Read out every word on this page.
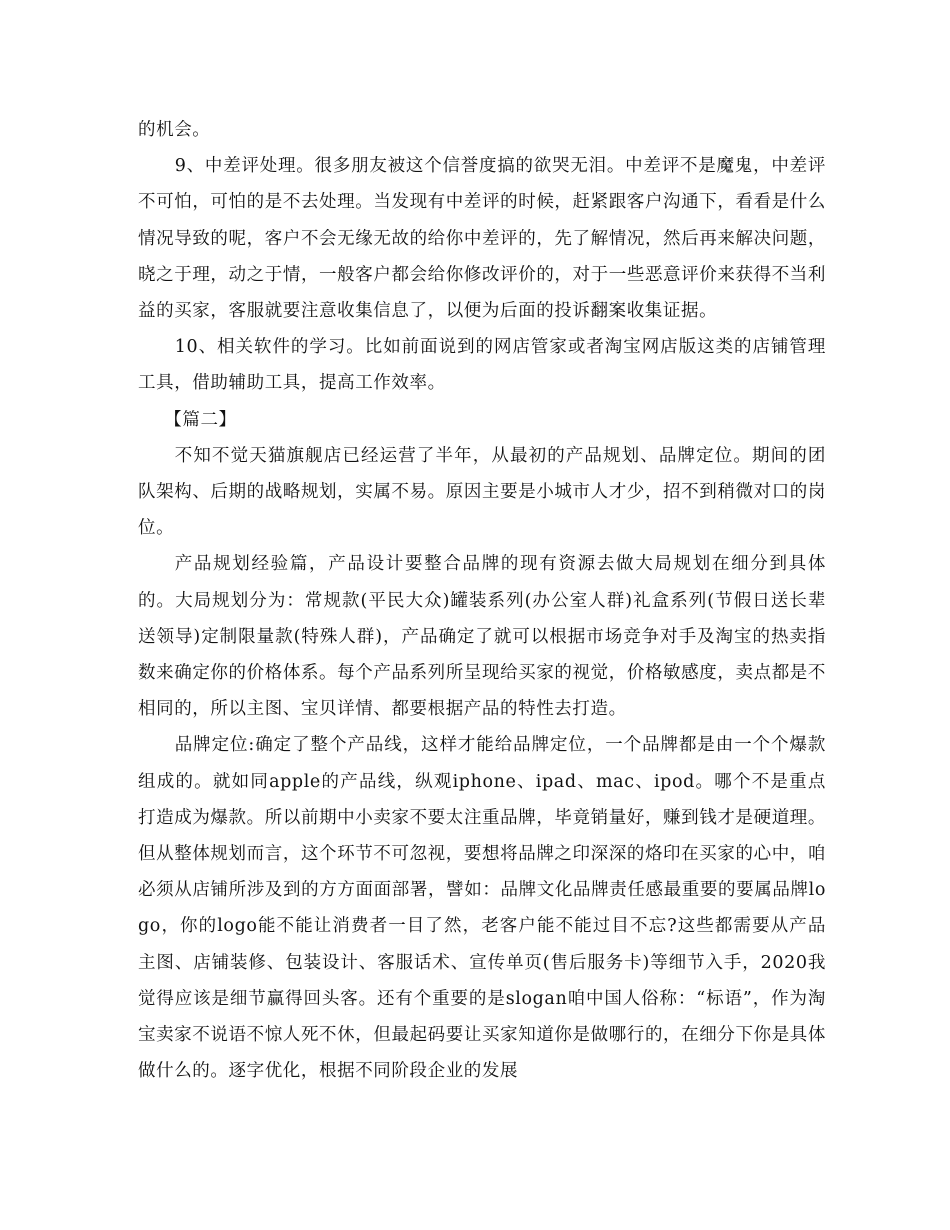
的机会。

9、中差评处理。很多朋友被这个信誉度搞的欲哭无泪。中差评不是魔鬼，中差评不可怕，可怕的是不去处理。当发现有中差评的时候，赶紧跟客户沟通下，看看是什么情况导致的呢，客户不会无缘无故的给你中差评的，先了解情况，然后再来解决问题，晓之于理，动之于情，一般客户都会给你修改评价的，对于一些恶意评价来获得不当利益的买家，客服就要注意收集信息了，以便为后面的投诉翻案收集证据。

10、相关软件的学习。比如前面说到的网店管家或者淘宝网店版这类的店铺管理工具，借助辅助工具，提高工作效率。

【篇二】

不知不觉天猫旗舰店已经运营了半年，从最初的产品规划、品牌定位。期间的团队架构、后期的战略规划，实属不易。原因主要是小城市人才少，招不到稍微对口的岗位。

产品规划经验篇，产品设计要整合品牌的现有资源去做大局规划在细分到具体的。大局规划分为：常规款(平民大众)罐装系列(办公室人群)礼盒系列(节假日送长辈送领导)定制限量款(特殊人群)，产品确定了就可以根据市场竞争对手及淘宝的热卖指数来确定你的价格体系。每个产品系列所呈现给买家的视觉，价格敏感度，卖点都是不相同的，所以主图、宝贝详情、都要根据产品的特性去打造。

品牌定位:确定了整个产品线，这样才能给品牌定位，一个品牌都是由一个个爆款组成的。就如同apple的产品线，纵观iphone、ipad、mac、ipod。哪个不是重点打造成为爆款。所以前期中小卖家不要太注重品牌，毕竟销量好，赚到钱才是硬道理。但从整体规划而言，这个环节不可忽视，要想将品牌之印深深的烙印在买家的心中，咱必须从店铺所涉及到的方方面面部署，譬如：品牌文化品牌责任感最重要的要属品牌logo，你的logo能不能让消费者一目了然，老客户能不能过目不忘?这些都需要从产品主图、店铺装修、包装设计、客服话术、宣传单页(售后服务卡)等细节入手，2020我觉得应该是细节赢得回头客。还有个重要的是slogan咱中国人俗称：“标语”，作为淘宝卖家不说语不惊人死不休，但最起码要让买家知道你是做哪行的，在细分下你是具体做什么的。逐字优化，根据不同阶段企业的发展
